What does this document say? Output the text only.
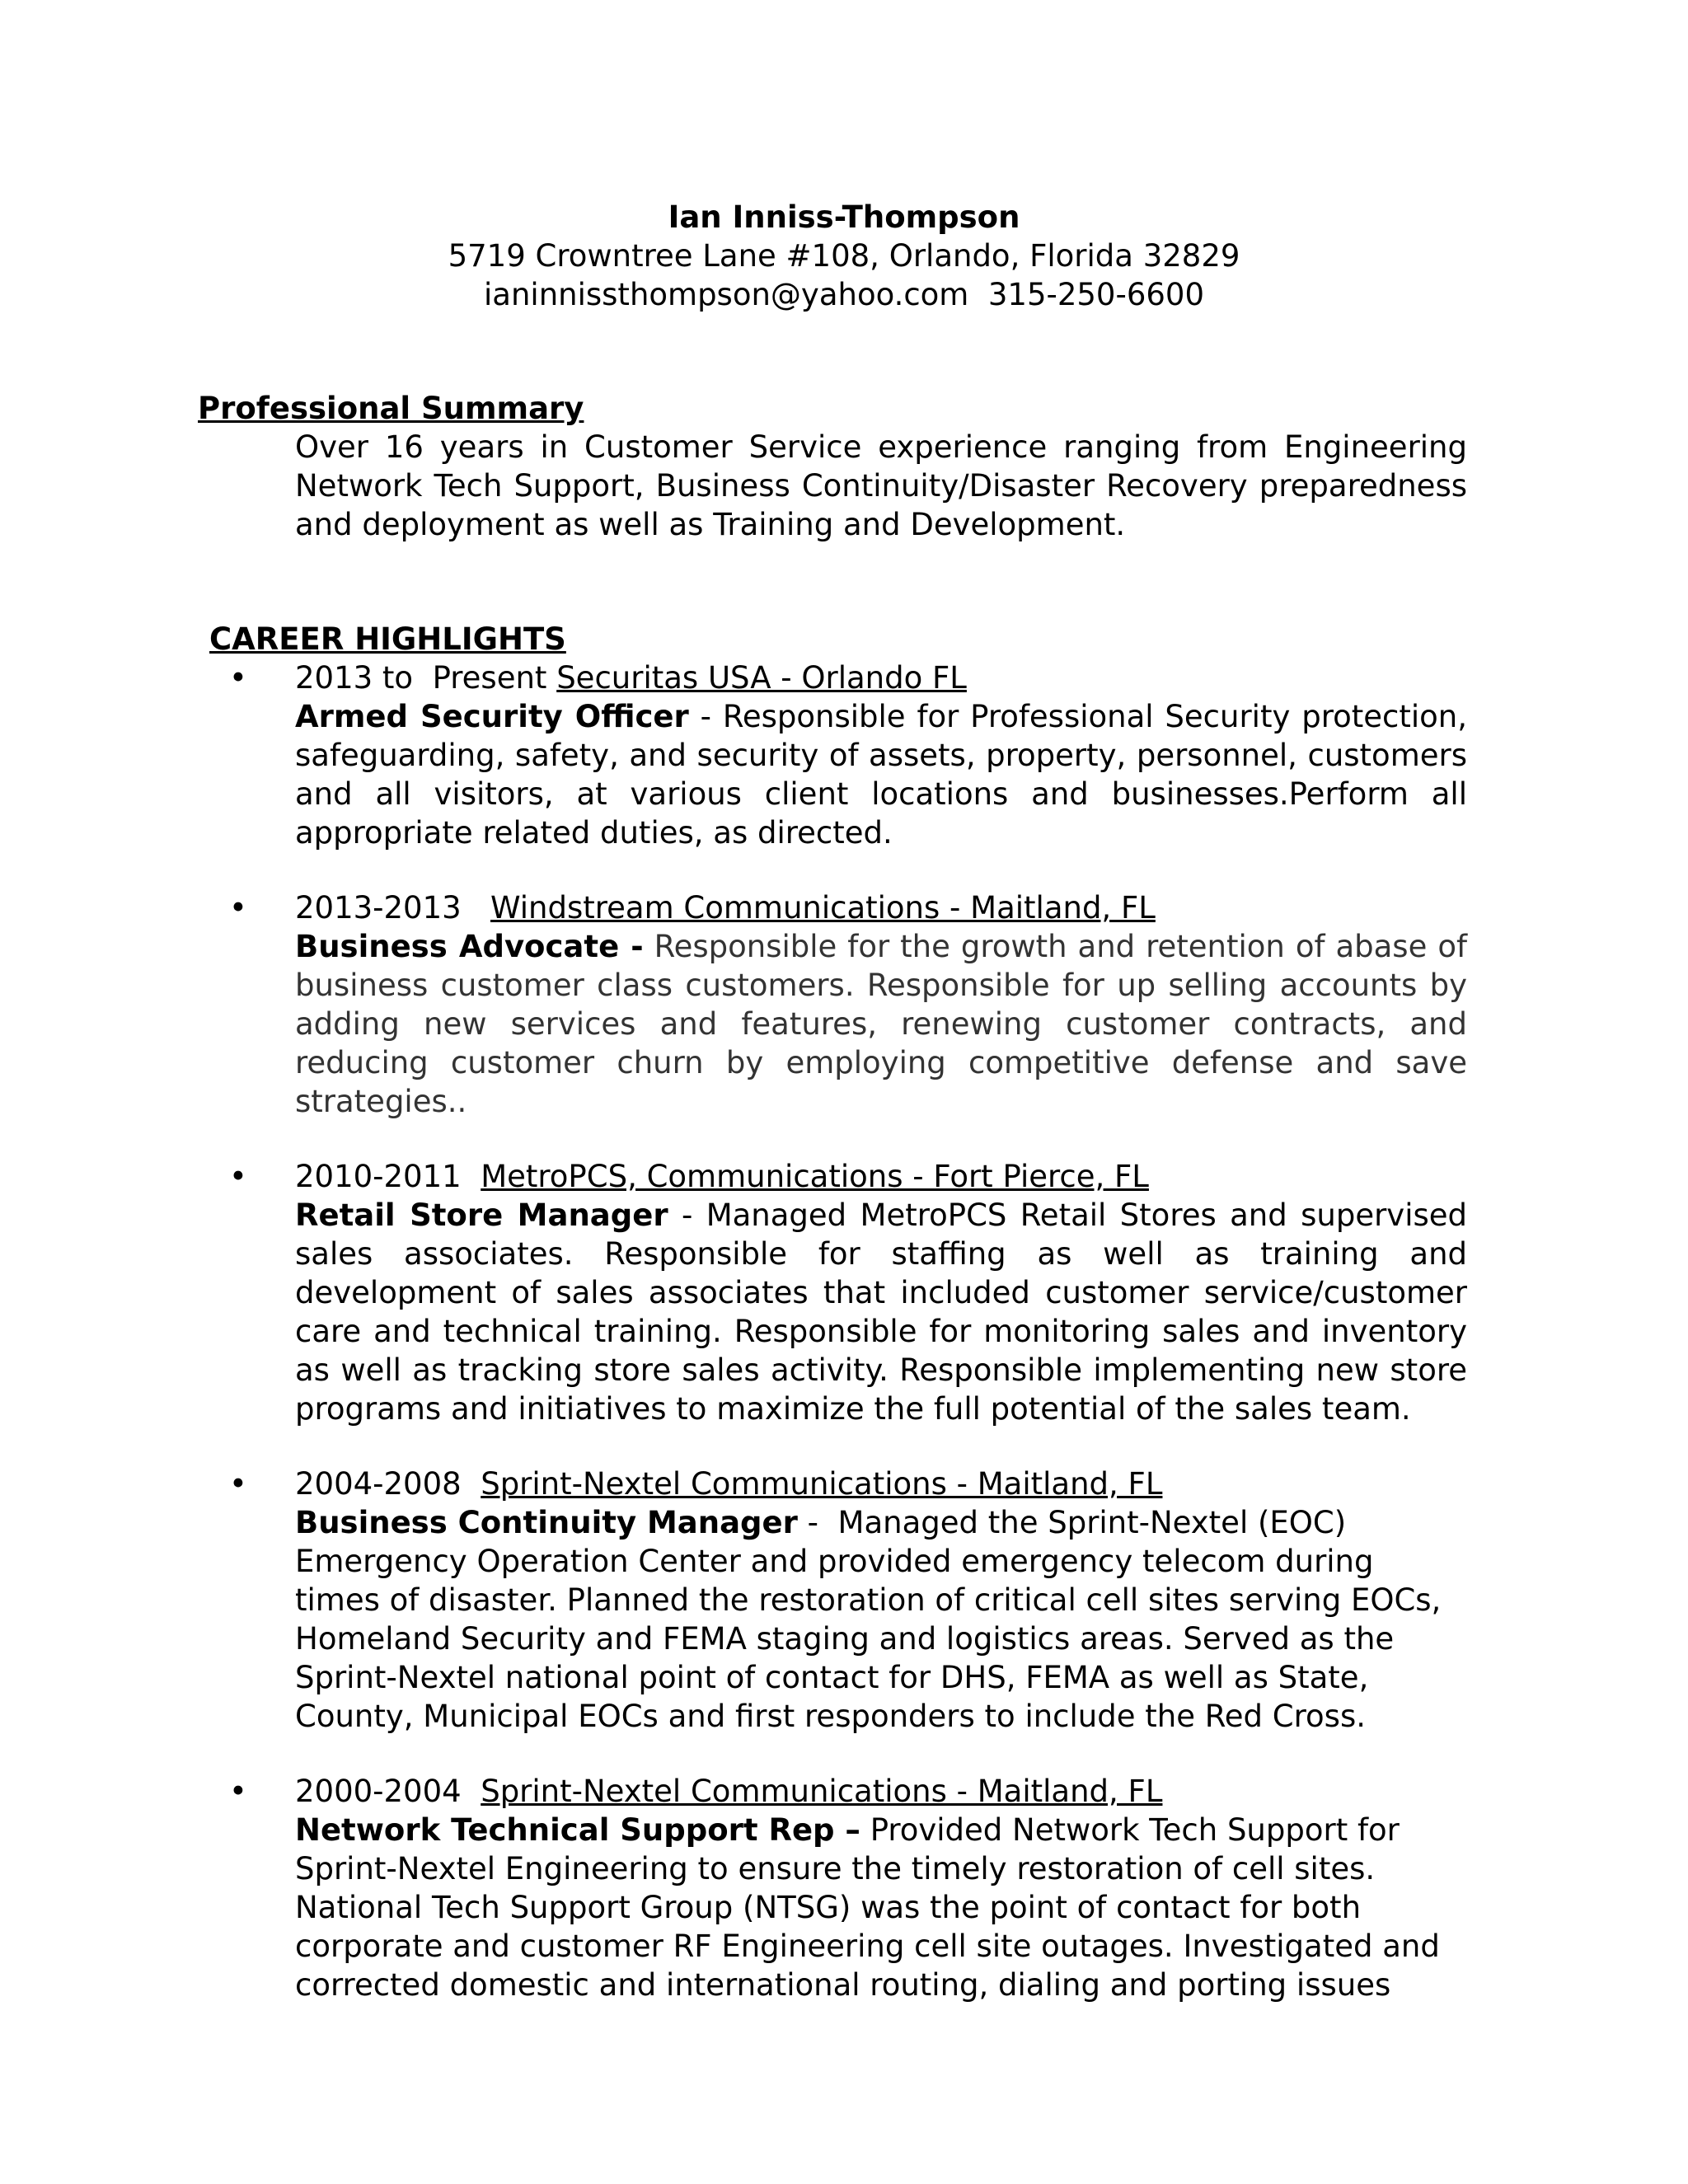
Ian Inniss-Thompson
5719 Crowntree Lane #108, Orlando, Florida 32829
ianinnissthompson@yahoo.com  315-250-6600
Professional Summary
Over 16 years in Customer Service experience ranging from Engineering Network Tech Support, Business Continuity/Disaster Recovery preparedness and deployment as well as Training and Development.
CAREER HIGHLIGHTS
• 2013 to  Present Securitas USA - Orlando FL
Armed Security Officer - Responsible for Professional Security protection, safeguarding, safety, and security of assets, property, personnel, customers and all visitors, at various client locations and businesses.Perform all appropriate related duties, as directed.
• 2013-2013   Windstream Communications - Maitland, FL
Business Advocate - Responsible for the growth and retention of abase of business customer class customers. Responsible for up selling accounts by adding new services and features, renewing customer contracts, and reducing customer churn by employing competitive defense and save strategies..
• 2010-2011  MetroPCS, Communications - Fort Pierce, FL
Retail Store Manager - Managed MetroPCS Retail Stores and supervised sales associates. Responsible for staffing as well as training and development of sales associates that included customer service/customer care and technical training. Responsible for monitoring sales and inventory as well as tracking store sales activity. Responsible implementing new store programs and initiatives to maximize the full potential of the sales team.
• 2004-2008  Sprint-Nextel Communications - Maitland, FL
Business Continuity Manager -  Managed the Sprint-Nextel (EOC) Emergency Operation Center and provided emergency telecom during times of disaster. Planned the restoration of critical cell sites serving EOCs, Homeland Security and FEMA staging and logistics areas. Served as the Sprint-Nextel national point of contact for DHS, FEMA as well as State, County, Municipal EOCs and first responders to include the Red Cross.
• 2000-2004  Sprint-Nextel Communications - Maitland, FL
Network Technical Support Rep – Provided Network Tech Support for Sprint-Nextel Engineering to ensure the timely restoration of cell sites. National Tech Support Group (NTSG) was the point of contact for both corporate and customer RF Engineering cell site outages. Investigated and corrected domestic and international routing, dialing and porting issues
